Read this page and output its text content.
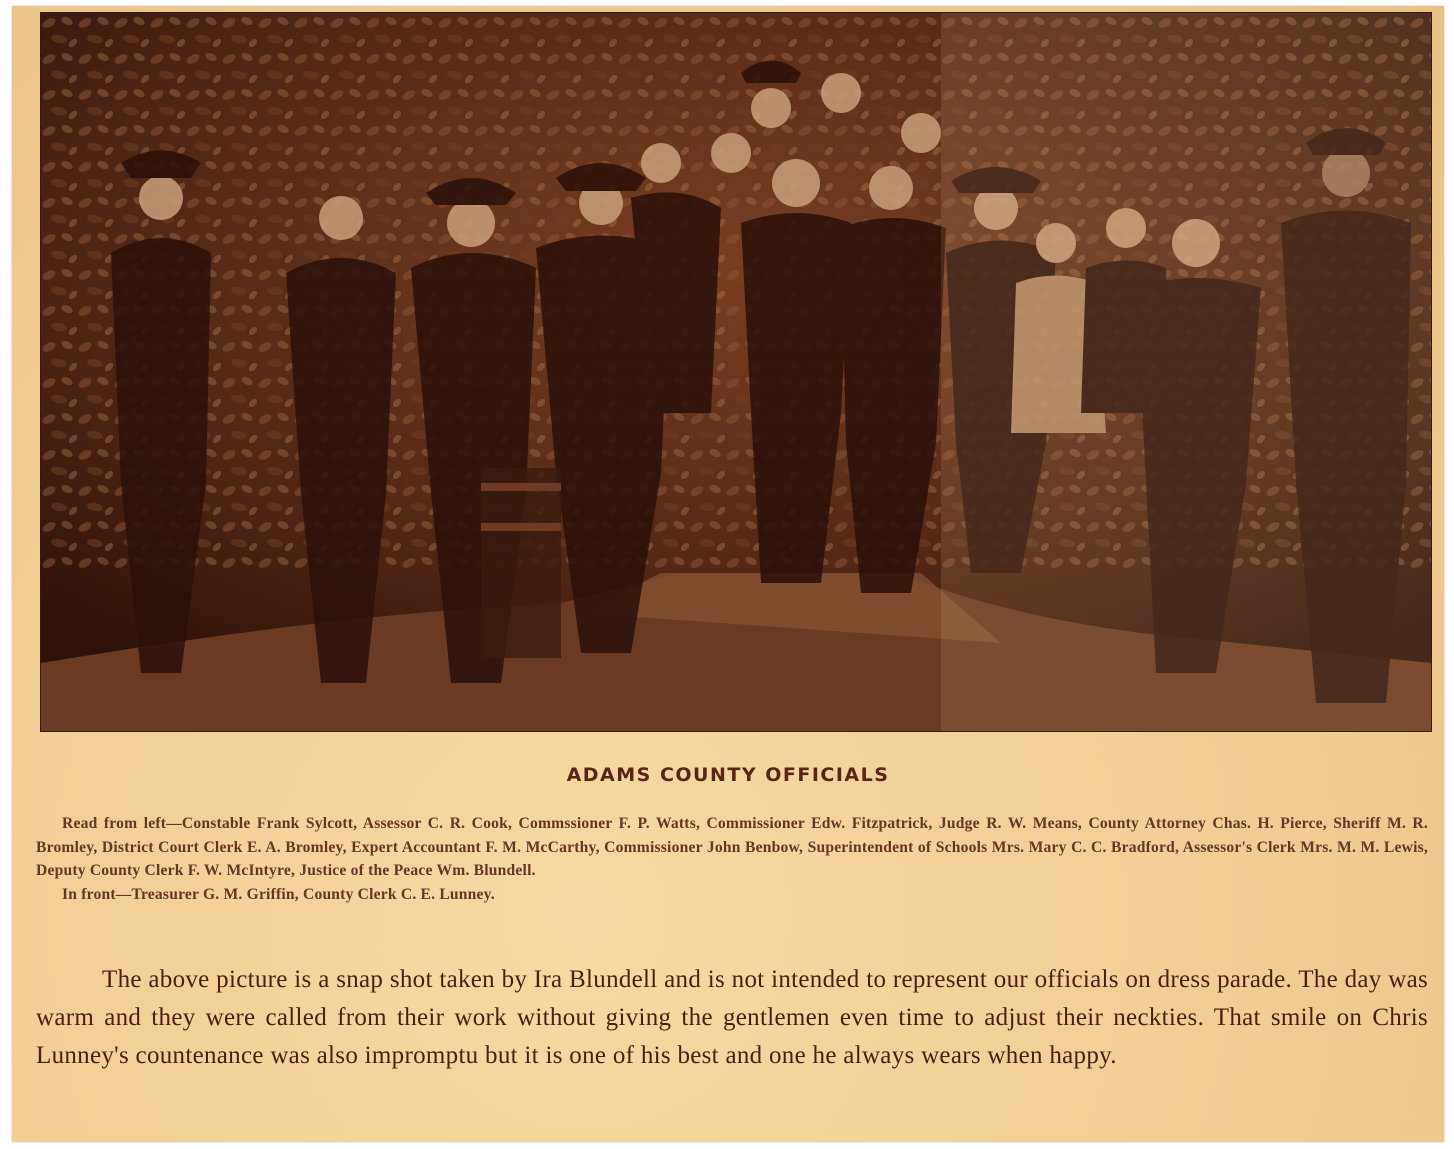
ADAMS COUNTY OFFICIALS

Read from left—Constable Frank Sylcott, Assessor C. R. Cook, Commssioner F. P. Watts, Commissioner Edw. Fitzpatrick, Judge R. W. Means, County Attorney Chas. H. Pierce, Sheriff M. R. Bromley, District Court Clerk E. A. Bromley, Expert Accountant F. M. McCarthy, Commissioner John Benbow, Superintendent of Schools Mrs. Mary C. C. Bradford, Assessor's Clerk Mrs. M. M. Lewis, Deputy County Clerk F. W. McIntyre, Justice of the Peace Wm. Blundell.

In front—Treasurer G. M. Griffin, County Clerk C. E. Lunney.

The above picture is a snap shot taken by Ira Blundell and is not intended to represent our officials on dress parade. The day was warm and they were called from their work without giving the gentlemen even time to adjust their neckties. That smile on Chris Lunney's countenance was also impromptu but it is one of his best and one he always wears when happy.
